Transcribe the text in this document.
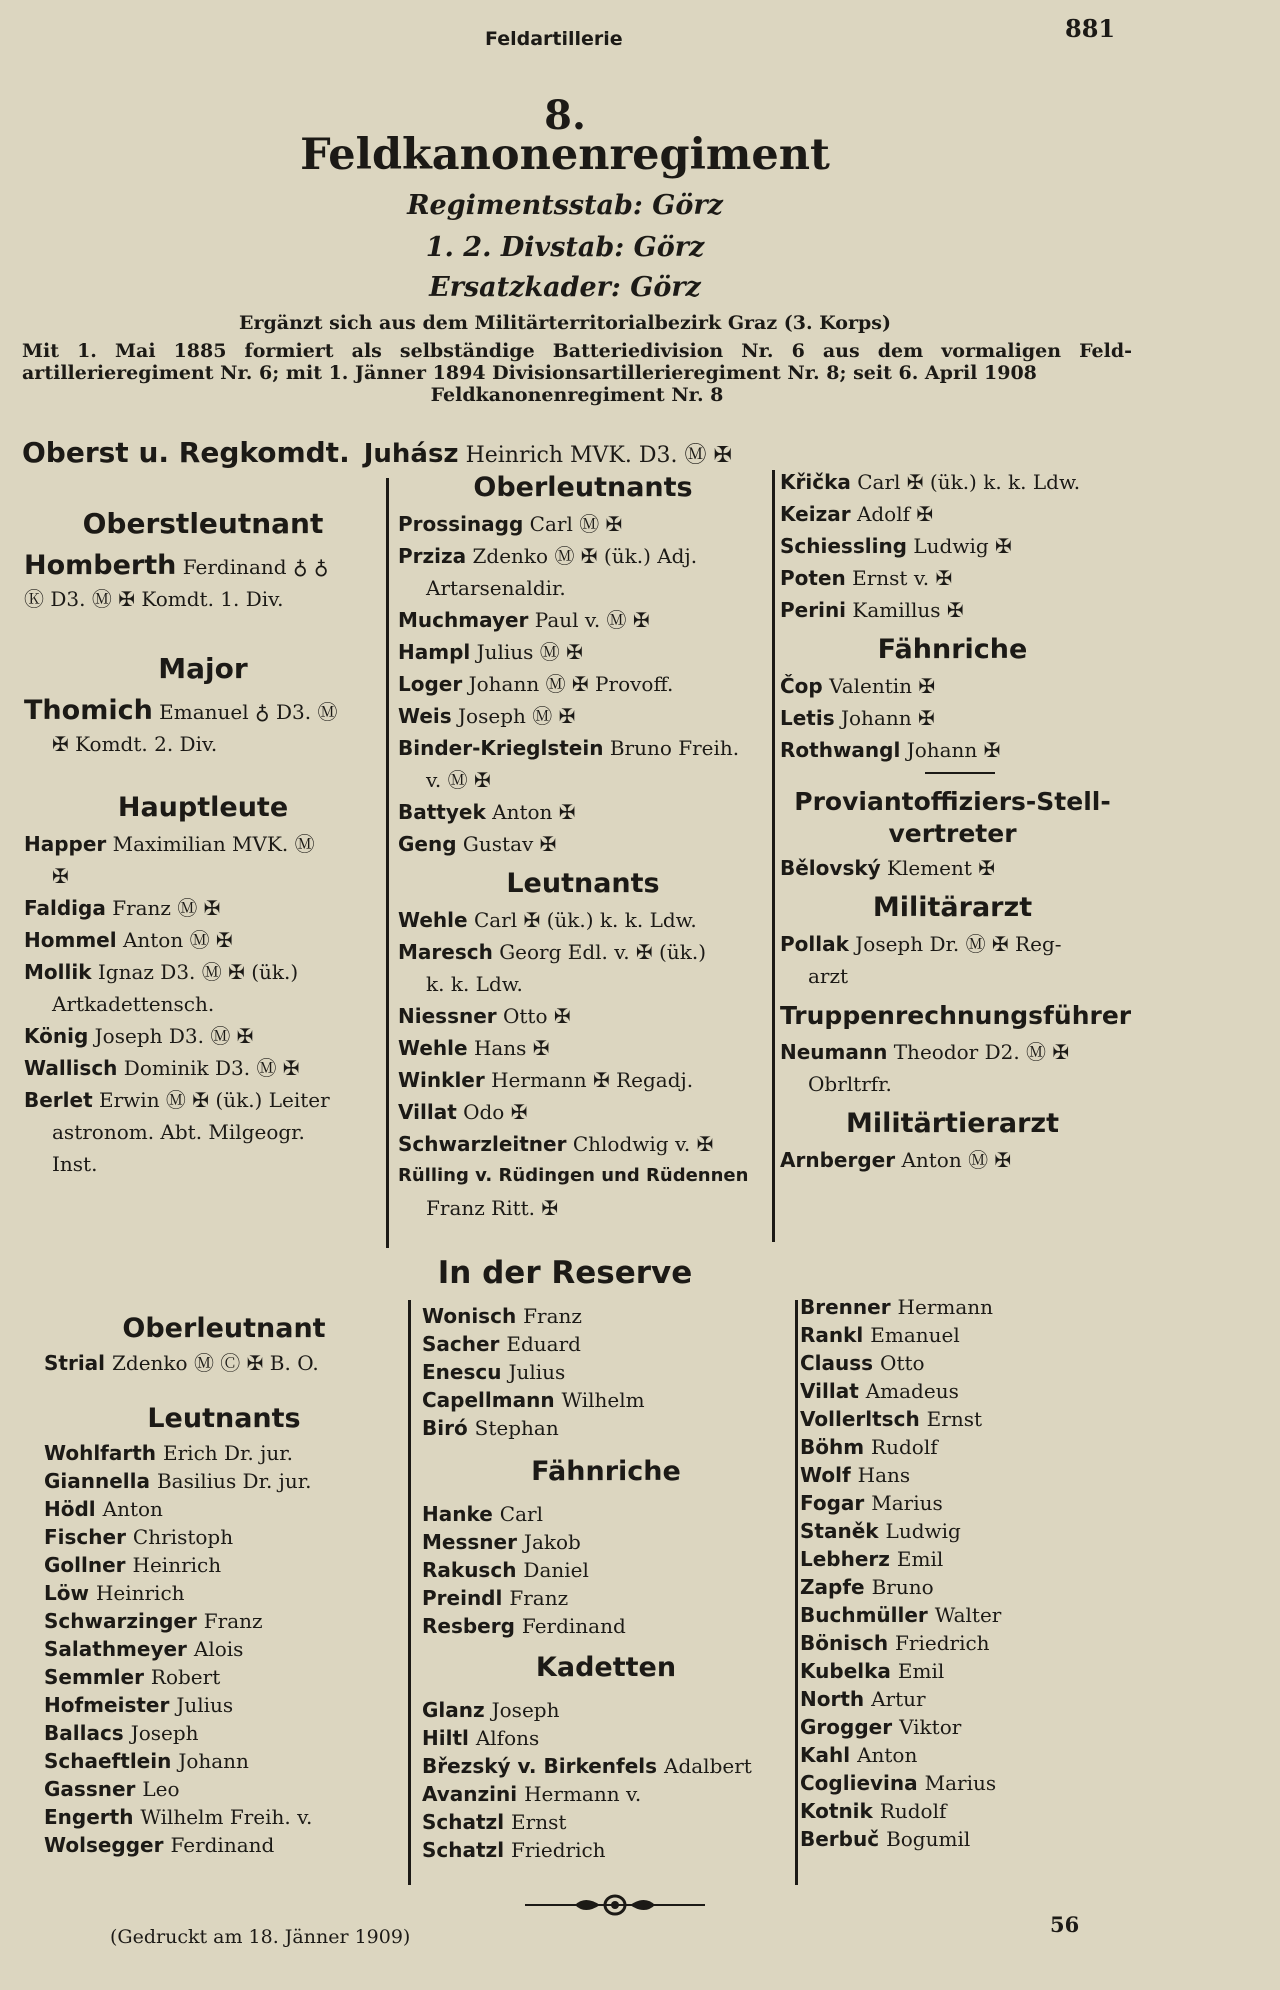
Feldartillerie	881
8.
Feldkanonenregiment
Regimentsstab: Görz
1. 2. Divstab: Görz
Ersatzkader: Görz
Ergänzt sich aus dem Militärterritorialbezirk Graz (3. Korps)
Mit 1. Mai 1885 formiert als selbständige Batteriedivision Nr. 6 aus dem vormaligen Feld- artillerieregiment Nr. 6; mit 1. Jänner 1894 Divisionsartillerieregiment Nr. 8; seit 6. April 1908
Feldkanonenregiment Nr. 8
Oberst u. Regkomdt. Juhász Heinrich MVK. D3. Ⓜ ✠
Oberstleutnant
Homberth Ferdinand ♁ ♁
Ⓚ D3. Ⓜ ✠ Komdt. 1. Div.
Major
Thomich Emanuel ♁ D3. Ⓜ
✠ Komdt. 2. Div.
Hauptleute
Happer Maximilian MVK. Ⓜ
✠
Faldiga Franz Ⓜ ✠
Hommel Anton Ⓜ ✠
Mollik Ignaz D3. Ⓜ ✠ (ük.)
Artkadettensch.
König Joseph D3. Ⓜ ✠
Wallisch Dominik D3. Ⓜ ✠
Berlet Erwin Ⓜ ✠ (ük.) Leiter
astronom. Abt. Milgeogr.
Inst.
Oberleutnants
Prossinagg Carl Ⓜ ✠
Prziza Zdenko Ⓜ ✠ (ük.) Adj.
Artarsenaldir.
Muchmayer Paul v. Ⓜ ✠
Hampl Julius Ⓜ ✠
Loger Johann Ⓜ ✠ Provoff.
Weis Joseph Ⓜ ✠
Binder-Krieglstein Bruno Freih.
v. Ⓜ ✠
Battyek Anton ✠
Geng Gustav ✠
Leutnants
Wehle Carl ✠ (ük.) k. k. Ldw.
Maresch Georg Edl. v. ✠ (ük.)
k. k. Ldw.
Niessner Otto ✠
Wehle Hans ✠
Winkler Hermann ✠ Regadj.
Villat Odo ✠
Schwarzleitner Chlodwig v. ✠
Rülling v. Rüdingen und Rüdennen
Franz Ritt. ✠
Křička Carl ✠ (ük.) k. k. Ldw.
Keizar Adolf ✠
Schiessling Ludwig ✠
Poten Ernst v. ✠
Perini Kamillus ✠
Fähnriche
Čop Valentin ✠
Letis Johann ✠
Rothwangl Johann ✠
Proviantoffiziers-Stell-vertreter
Bělovský Klement ✠
Militärarzt
Pollak Joseph Dr. Ⓜ ✠ Reg-
arzt
Truppenrechnungsführer
Neumann Theodor D2. Ⓜ ✠
Obrltrfr.
Militärtierarzt
Arnberger Anton Ⓜ ✠
In der Reserve
Oberleutnant
Strial Zdenko Ⓜ Ⓒ ✠ B. O.
Leutnants
Wohlfarth Erich Dr. jur.
Giannella Basilius Dr. jur.
Hödl Anton
Fischer Christoph
Gollner Heinrich
Löw Heinrich
Schwarzinger Franz
Salathmeyer Alois
Semmler Robert
Hofmeister Julius
Ballacs Joseph
Schaeftlein Johann
Gassner Leo
Engerth Wilhelm Freih. v.
Wolsegger Ferdinand
Wonisch Franz
Sacher Eduard
Enescu Julius
Capellmann Wilhelm
Biró Stephan
Fähnriche
Hanke Carl
Messner Jakob
Rakusch Daniel
Preindl Franz
Resberg Ferdinand
Kadetten
Glanz Joseph
Hiltl Alfons
Březský v. Birkenfels Adalbert
Avanzini Hermann v.
Schatzl Ernst
Schatzl Friedrich
Brenner Hermann
Rankl Emanuel
Clauss Otto
Villat Amadeus
Vollerltsch Ernst
Böhm Rudolf
Wolf Hans
Fogar Marius
Staněk Ludwig
Lebherz Emil
Zapfe Bruno
Buchmüller Walter
Bönisch Friedrich
Kubelka Emil
North Artur
Grogger Viktor
Kahl Anton
Coglievina Marius
Kotnik Rudolf
Berbuč Bogumil
(Gedruckt am 18. Jänner 1909)	56
